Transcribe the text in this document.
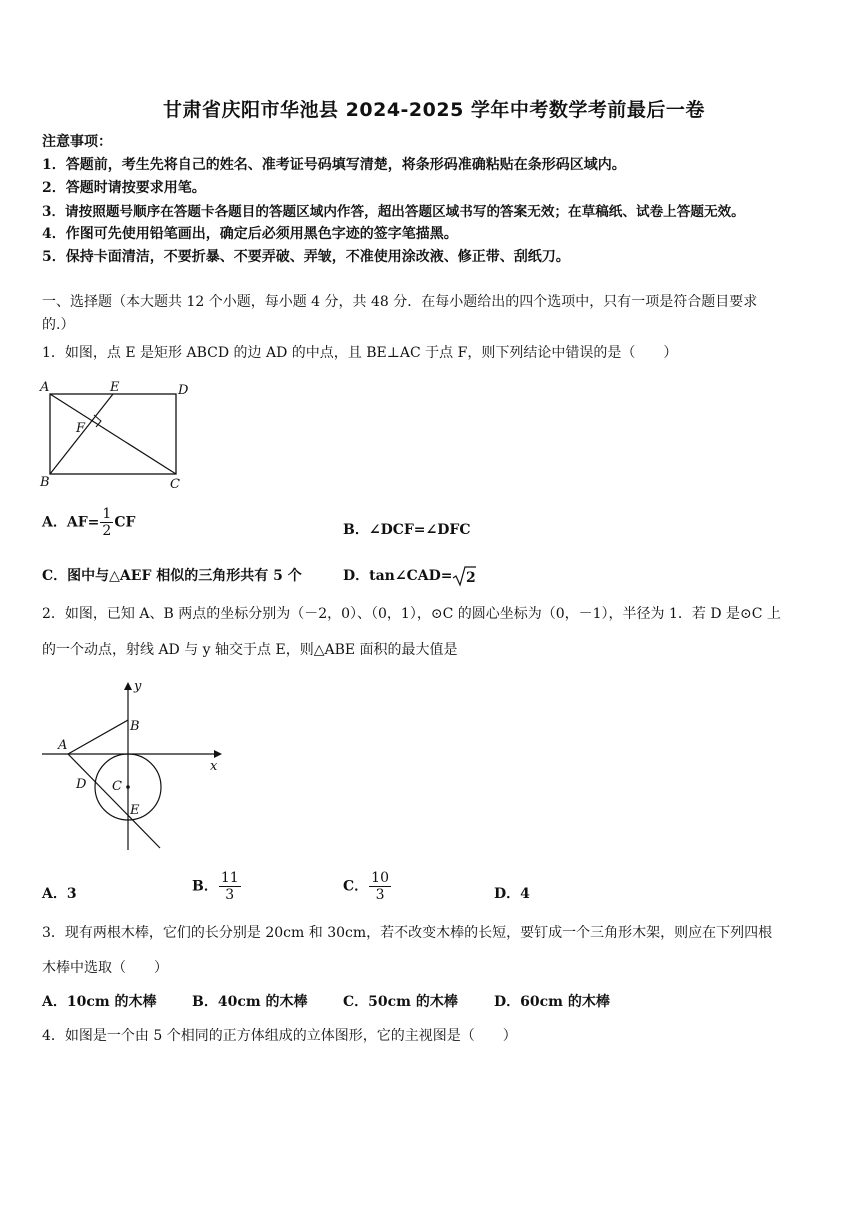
甘肃省庆阳市华池县 2024-2025 学年中考数学考前最后一卷
注意事项：
1．答题前，考生先将自己的姓名、准考证号码填写清楚，将条形码准确粘贴在条形码区域内。
2．答题时请按要求用笔。
3．请按照题号顺序在答题卡各题目的答题区域内作答，超出答题区域书写的答案无效；在草稿纸、试卷上答题无效。
4．作图可先使用铅笔画出，确定后必须用黑色字迹的签字笔描黑。
5．保持卡面清洁，不要折暴、不要弄破、弄皱，不准使用涂改液、修正带、刮纸刀。
一、选择题（本大题共 12 个小题，每小题 4 分，共 48 分．在每小题给出的四个选项中，只有一项是符合题目要求
的.）
1．如图，点 E 是矩形 ABCD 的边 AD 的中点，且 BE⊥AC 于点 F，则下列结论中错误的是（　　）
A	E	D
F
B	C
A．$AF= \frac{1}{2}$ CF	B．∠DCF=∠DFC
C．图中与△AEF 相似的三角形共有 5 个	D．tan∠CAD= 2
2．如图，已知 A、B 两点的坐标分别为（－2，0）、（0，1），⊙C 的圆心坐标为（0，－1），半径为 1．若 D 是⊙C 上
的一个动点，射线 AD 与 y 轴交于点 E，则△ABE 面积的最大值是
y
x
A
B
C
D
E
A．3	B． $\frac{11}{3}$	C． $\frac{10}{3}$	D．4
3．现有两根木棒，它们的长分别是 20cm 和 30cm，若不改变木棒的长短，要钉成一个三角形木架，则应在下列四根
木棒中选取（　　）
A．10cm 的木棒	B．40cm 的木棒	C．50cm 的木棒	D．60cm 的木棒
4．如图是一个由 5 个相同的正方体组成的立体图形，它的主视图是（　　）
